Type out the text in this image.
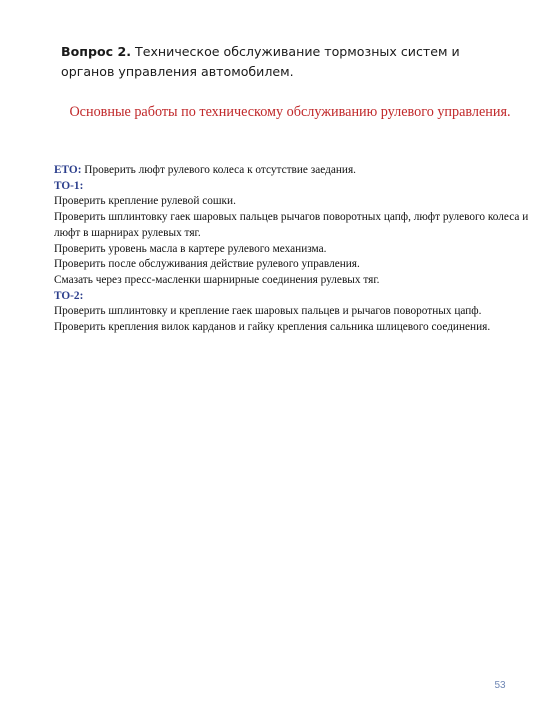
Вопрос 2. Техническое обслуживание тормозных систем и органов управления автомобилем.
Основные работы по техническому обслуживанию рулевого управления.

ЕТО: Проверить люфт рулевого колеса к отсутствие заедания.

ТО-1:

Проверить крепление рулевой сошки.

Проверить шплинтовку гаек шаровых пальцев рычагов поворотных цапф, люфт рулевого колеса и люфт в шарнирах рулевых тяг.

Проверить уровень масла в картере рулевого механизма.

Проверить после обслуживания действие рулевого управления.

Смазать через пресс-масленки шарнирные соединения рулевых тяг.

ТО-2:

Проверить шплинтовку и крепление гаек шаровых пальцев и рычагов поворотных цапф.

Проверить крепления вилок карданов и гайку крепления сальника шлицевого соединения.

53
